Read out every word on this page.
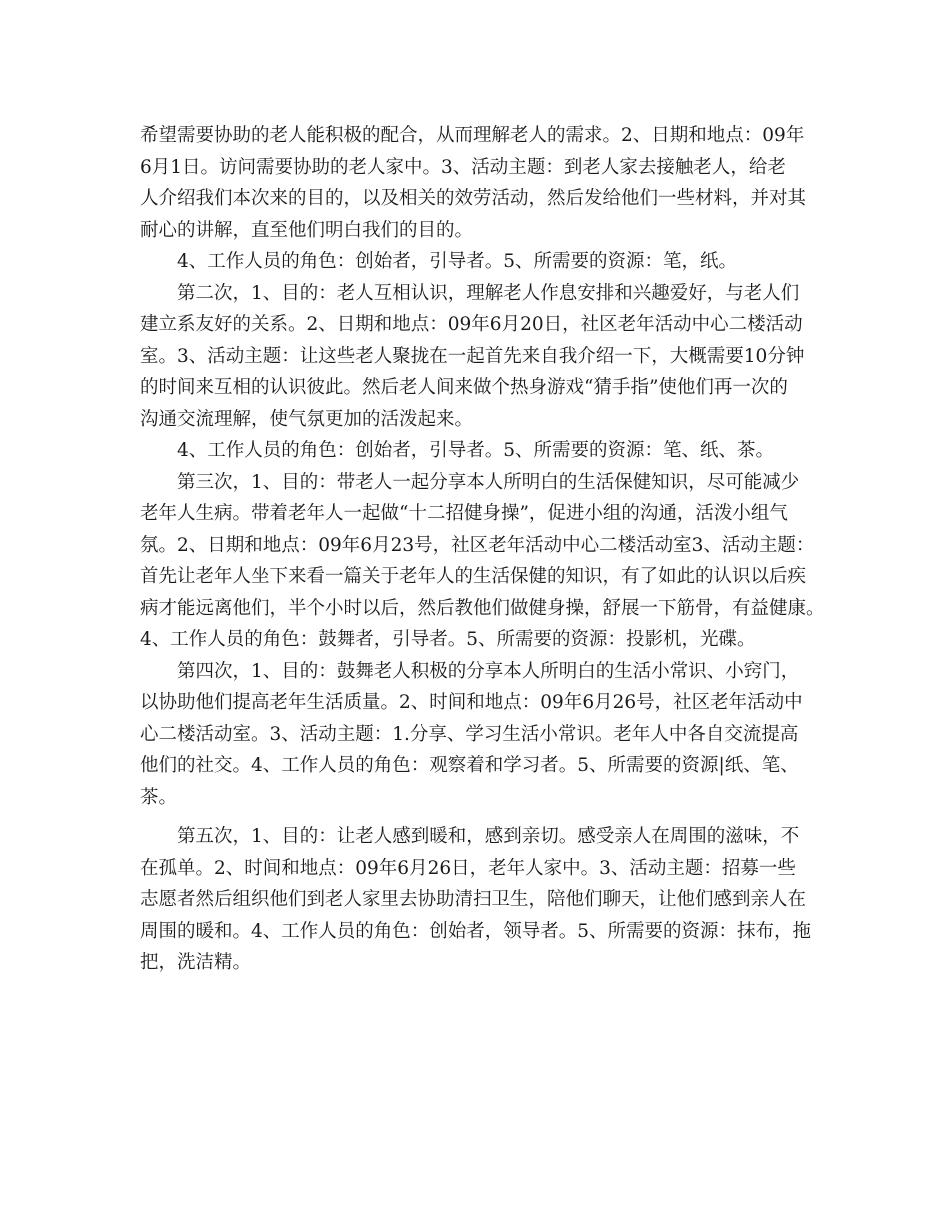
希望需要协助的老人能积极的配合，从而理解老人的需求。2、日期和地点：09年
6月1日。访问需要协助的老人家中。3、活动主题：到老人家去接触老人，给老
人介绍我们本次来的目的，以及相关的效劳活动，然后发给他们一些材料，并对其
耐心的讲解，直至他们明白我们的目的。
4、工作人员的角色：创始者，引导者。5、所需要的资源：笔，纸。
第二次，1、目的：老人互相认识，理解老人作息安排和兴趣爱好，与老人们
建立系友好的关系。2、日期和地点：09年6月20日，社区老年活动中心二楼活动
室。3、活动主题：让这些老人聚拢在一起首先来自我介绍一下，大概需要10分钟
的时间来互相的认识彼此。然后老人间来做个热身游戏“猜手指”使他们再一次的
沟通交流理解，使气氛更加的活泼起来。
4、工作人员的角色：创始者，引导者。5、所需要的资源：笔、纸、茶。
第三次，1、目的：带老人一起分享本人所明白的生活保健知识，尽可能减少
老年人生病。带着老年人一起做“十二招健身操”，促进小组的沟通，活泼小组气
氛。2、日期和地点：09年6月23号，社区老年活动中心二楼活动室3、活动主题：
首先让老年人坐下来看一篇关于老年人的生活保健的知识，有了如此的认识以后疾
病才能远离他们，半个小时以后，然后教他们做健身操，舒展一下筋骨，有益健康。
4、工作人员的角色：鼓舞者，引导者。5、所需要的资源：投影机，光碟。
第四次，1、目的：鼓舞老人积极的分享本人所明白的生活小常识、小窍门，
以协助他们提高老年生活质量。2、时间和地点：09年6月26号，社区老年活动中
心二楼活动室。3、活动主题：1.分享、学习生活小常识。老年人中各自交流提高
他们的社交。4、工作人员的角色：观察着和学习者。5、所需要的资源|纸、笔、
茶。
第五次，1、目的：让老人感到暖和，感到亲切。感受亲人在周围的滋味，不
在孤单。2、时间和地点：09年6月26日，老年人家中。3、活动主题：招募一些
志愿者然后组织他们到老人家里去协助清扫卫生，陪他们聊天，让他们感到亲人在
周围的暖和。4、工作人员的角色：创始者，领导者。5、所需要的资源：抹布，拖
把，洗洁精。
